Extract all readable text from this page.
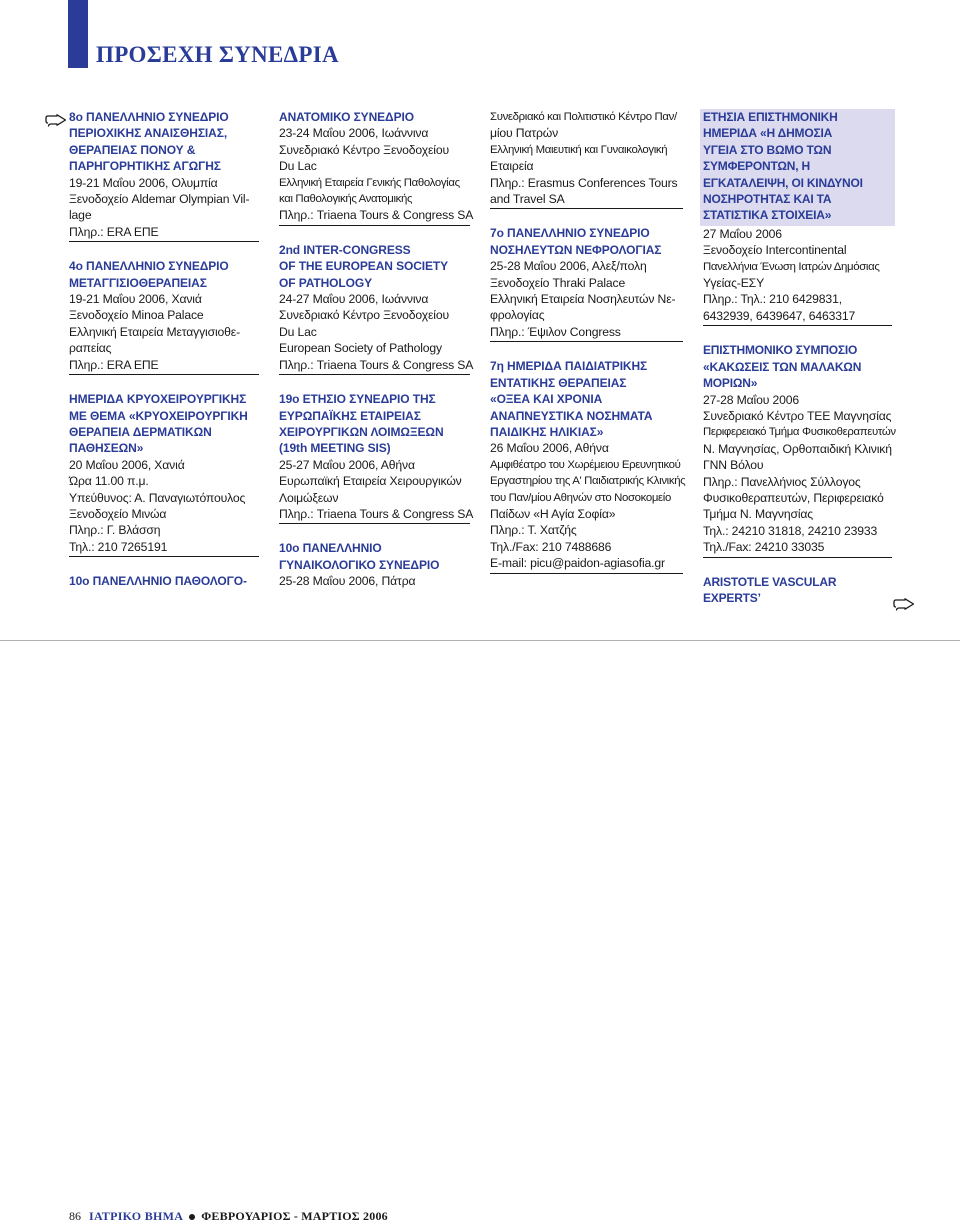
ΠΡΟΣΕΧΗ ΣΥΝΕΔΡΙΑ
8ο ΠΑΝΕΛΛΗΝΙΟ ΣΥΝΕΔΡΙΟ
ΠΕΡΙΟΧΙΚΗΣ ΑΝΑΙΣΘΗΣΙΑΣ,
ΘΕΡΑΠΕΙΑΣ ΠΟΝΟΥ &
ΠΑΡΗΓΟΡΗΤΙΚΗΣ ΑΓΩΓΗΣ
19-21 Μαΐου 2006, Ολυμπία
Ξενοδοχείο Aldemar Olympian Vil-
lage
Πληρ.: ERA ΕΠΕ
4ο ΠΑΝΕΛΛΗΝΙΟ ΣΥΝΕΔΡΙΟ
ΜΕΤΑΓΓΙΣΙΟΘΕΡΑΠΕΙΑΣ
19-21 Μαΐου 2006, Χανιά
Ξενοδοχείο Minoa Palace
Ελληνική Εταιρεία Μεταγγισιοθε-
ραπείας
Πληρ.: ERA ΕΠΕ
ΗΜΕΡΙΔΑ ΚΡΥΟΧΕΙΡΟΥΡΓΙΚΗΣ
ΜΕ ΘΕΜΑ «ΚΡΥΟΧΕΙΡΟΥΡΓΙΚΗ
ΘΕΡΑΠΕΙΑ ΔΕΡΜΑΤΙΚΩΝ
ΠΑΘΗΣΕΩΝ»
20 Μαΐου 2006, Χανιά
Ώρα 11.00 π.μ.
Υπεύθυνος: Α. Παναγιωτόπουλος
Ξενοδοχείο Μινώα
Πληρ.: Γ. Βλάσση
Τηλ.: 210 7265191
10ο ΠΑΝΕΛΛΗΝΙΟ ΠΑΘΟΛΟΓΟ-
ΑΝΑΤΟΜΙΚΟ ΣΥΝΕΔΡΙΟ
23-24 Μαΐου 2006, Ιωάννινα
Συνεδριακό Κέντρο Ξενοδοχείου
Du Lac
Ελληνική Εταιρεία Γενικής Παθολογίας
και Παθολογικής Ανατομικής
Πληρ.: Triaena Tours & Congress SA
2nd INTER-CONGRESS
OF THE EUROPEAN SOCIETY
OF PATHOLOGY
24-27 Μαΐου 2006, Ιωάννινα
Συνεδριακό Κέντρο Ξενοδοχείου
Du Lac
European Society of Pathology
Πληρ.: Triaena Tours & Congress SA
19ο ΕΤΗΣΙΟ ΣΥΝΕΔΡΙΟ ΤΗΣ
ΕΥΡΩΠΑΪΚΗΣ ΕΤΑΙΡΕΙΑΣ
ΧΕΙΡΟΥΡΓΙΚΩΝ ΛΟΙΜΩΞΕΩΝ
(19th MEETING SIS)
25-27 Μαΐου 2006, Αθήνα
Ευρωπαϊκή Εταιρεία Χειρουργικών
Λοιμώξεων
Πληρ.: Triaena Tours & Congress SA
10ο ΠΑΝΕΛΛΗΝΙΟ
ΓΥΝΑΙΚΟΛΟΓΙΚΟ ΣΥΝΕΔΡΙΟ
25-28 Μαΐου 2006, Πάτρα
Συνεδριακό και Πολιτιστικό Κέντρο Παν/
μίου Πατρών
Ελληνική Μαιευτική και Γυναικολογική
Εταιρεία
Πληρ.: Erasmus Conferences Tours
and Travel SA
7ο ΠΑΝΕΛΛΗΝΙΟ ΣΥΝΕΔΡΙΟ
ΝΟΣΗΛΕΥΤΩΝ ΝΕΦΡΟΛΟΓΙΑΣ
25-28 Μαΐου 2006, Αλεξ/πολη
Ξενοδοχείο Thraki Palace
Ελληνική Εταιρεία Νοσηλευτών Νε-
φρολογίας
Πληρ.: Έψιλον Congress
7η ΗΜΕΡΙΔΑ ΠΑΙΔΙΑΤΡΙΚΗΣ
ΕΝΤΑΤΙΚΗΣ ΘΕΡΑΠΕΙΑΣ
«ΟΞΕΑ ΚΑΙ ΧΡΟΝΙΑ
ΑΝΑΠΝΕΥΣΤΙΚΑ ΝΟΣΗΜΑΤΑ
ΠΑΙΔΙΚΗΣ ΗΛΙΚΙΑΣ»
26 Μαΐου 2006, Αθήνα
Αμφιθέατρο του Χωρέμειου Ερευνητικού
Εργαστηρίου της Α' Παιδιατρικής Κλινικής
του Παν/μίου Αθηνών στο Νοσοκομείο
Παίδων «Η Αγία Σοφία»
Πληρ.: Τ. Χατζής
Τηλ./Fax: 210 7488686
E-mail: picu@paidon-agiasofia.gr
ΕΤΗΣΙΑ ΕΠΙΣΤΗΜΟΝΙΚΗ
ΗΜΕΡΙΔΑ «Η ΔΗΜΟΣΙΑ
ΥΓΕΙΑ ΣΤΟ ΒΩΜΟ ΤΩΝ
ΣΥΜΦΕΡΟΝΤΩΝ, Η
ΕΓΚΑΤΑΛΕΙΨΗ, ΟΙ ΚΙΝΔΥΝΟΙ
ΝΟΣΗΡΟΤΗΤΑΣ ΚΑΙ ΤΑ
ΣΤΑΤΙΣΤΙΚΑ ΣΤΟΙΧΕΙΑ»
27 Μαΐου 2006
Ξενοδοχείο Intercontinental
Πανελλήνια Ένωση Ιατρών Δημόσιας
Υγείας-ΕΣΥ
Πληρ.: Τηλ.: 210 6429831,
6432939, 6439647, 6463317
ΕΠΙΣΤΗΜΟΝΙΚΟ ΣΥΜΠΟΣΙΟ
«ΚΑΚΩΣΕΙΣ ΤΩΝ ΜΑΛΑΚΩΝ
ΜΟΡΙΩΝ»
27-28 Μαΐου 2006
Συνεδριακό Κέντρο ΤΕΕ Μαγνησίας
Περιφερειακό Τμήμα Φυσικοθεραπευτών
Ν. Μαγνησίας, Ορθοπαιδική Κλινική
ΓΝΝ Βόλου
Πληρ.: Πανελλήνιος Σύλλογος
Φυσικοθεραπευτών, Περιφερειακό
Τμήμα Ν. Μαγνησίας
Τηλ.: 24210 31818, 24210 23933
Τηλ./Fax: 24210 33035
ARISTOTLE VASCULAR EXPERTS’
86 ΙΑΤΡΙΚΟ ΒΗΜΑ ΦΕΒΡΟΥΑΡΙΟΣ - ΜΑΡΤΙΟΣ 2006
